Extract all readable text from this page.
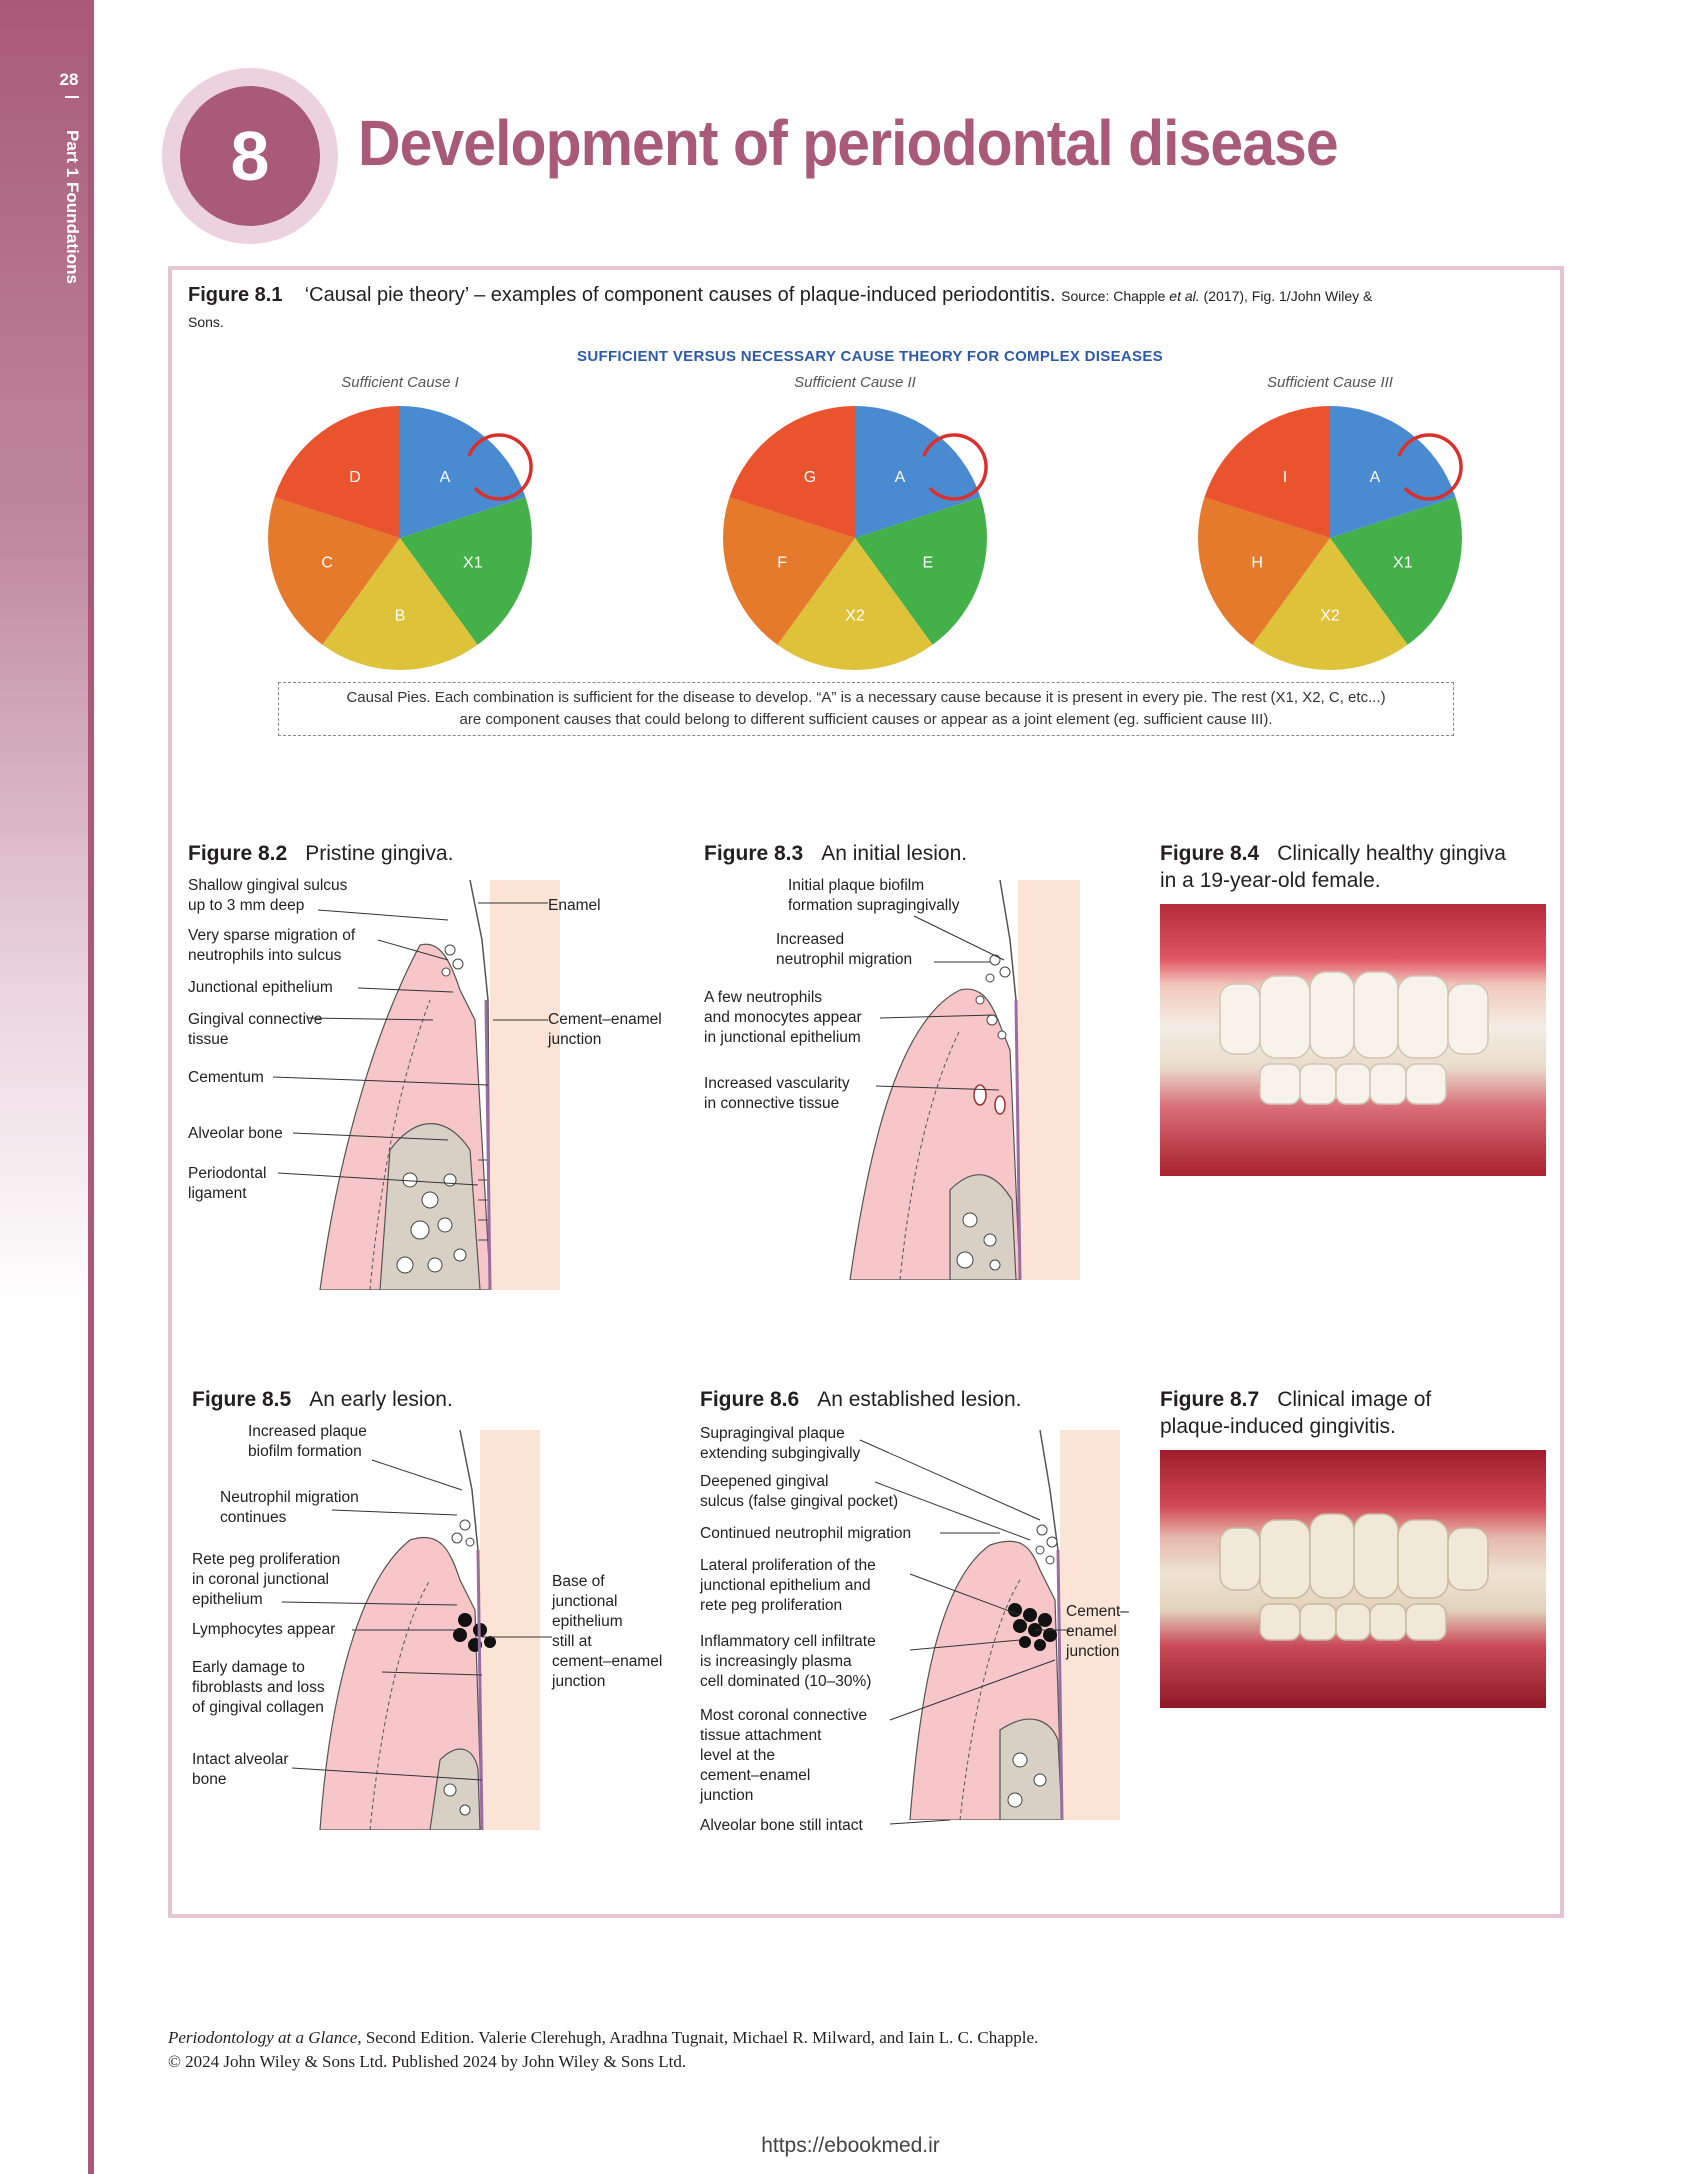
28
Part 1 Foundations	8	Development of periodontal disease
Figure 8.1 ‘Causal pie theory’ – examples of component causes of plaque-induced periodontitis. Source: Chapple et al. (2017), Fig. 1/John Wiley &
Sons.
SUFFICIENT VERSUS NECESSARY CAUSE THEORY FOR COMPLEX DISEASES
Sufficient Cause I	Sufficient Cause II	Sufficient Cause III
A
X1
B
C
D	A
E
X2
F
G	A
X1
X2
H
I
Causal Pies. Each combination is sufficient for the disease to develop. “A” is a necessary cause because it is present in every pie. The rest (X1, X2, C, etc...)
are component causes that could belong to different sufficient causes or appear as a joint element (eg. sufficient cause III).
Figure 8.2 Pristine gingiva.
Shallow gingival sulcus
up to 3 mm deep
Very sparse migration of
neutrophils into sulcus
Junctional epithelium
Gingival connective
tissue
Cementum
Alveolar bone
Periodontal
ligament
Enamel
Cement–enamel
junction
Figure 8.3 An initial lesion.
Initial plaque biofilm
formation supragingivally
Increased
neutrophil migration
A few neutrophils
and monocytes appear
in junctional epithelium
Increased vascularity
in connective tissue
Figure 8.4 Clinically healthy gingiva
in a 19-year-old female.
Figure 8.5 An early lesion.
Increased plaque
biofilm formation
Neutrophil migration
continues
Rete peg proliferation
in coronal junctional
epithelium
Lymphocytes appear
Early damage to
fibroblasts and loss
of gingival collagen
Intact alveolar
bone
Base of
junctional
epithelium
still at
cement–enamel
junction
Figure 8.6 An established lesion.
Supragingival plaque
extending subgingivally
Deepened gingival
sulcus (false gingival pocket)
Continued neutrophil migration
Lateral proliferation of the
junctional epithelium and
rete peg proliferation
Inflammatory cell infiltrate
is increasingly plasma
cell dominated (10–30%)
Most coronal connective
tissue attachment
level at the
cement–enamel
junction
Alveolar bone still intact
Cement–
enamel
junction
Figure 8.7 Clinical image of
plaque-induced gingivitis.
Periodontology at a Glance, Second Edition. Valerie Clerehugh, Aradhna Tugnait, Michael R. Milward, and Iain L. C. Chapple.
© 2024 John Wiley & Sons Ltd. Published 2024 by John Wiley & Sons Ltd.
https://ebookmed.ir
